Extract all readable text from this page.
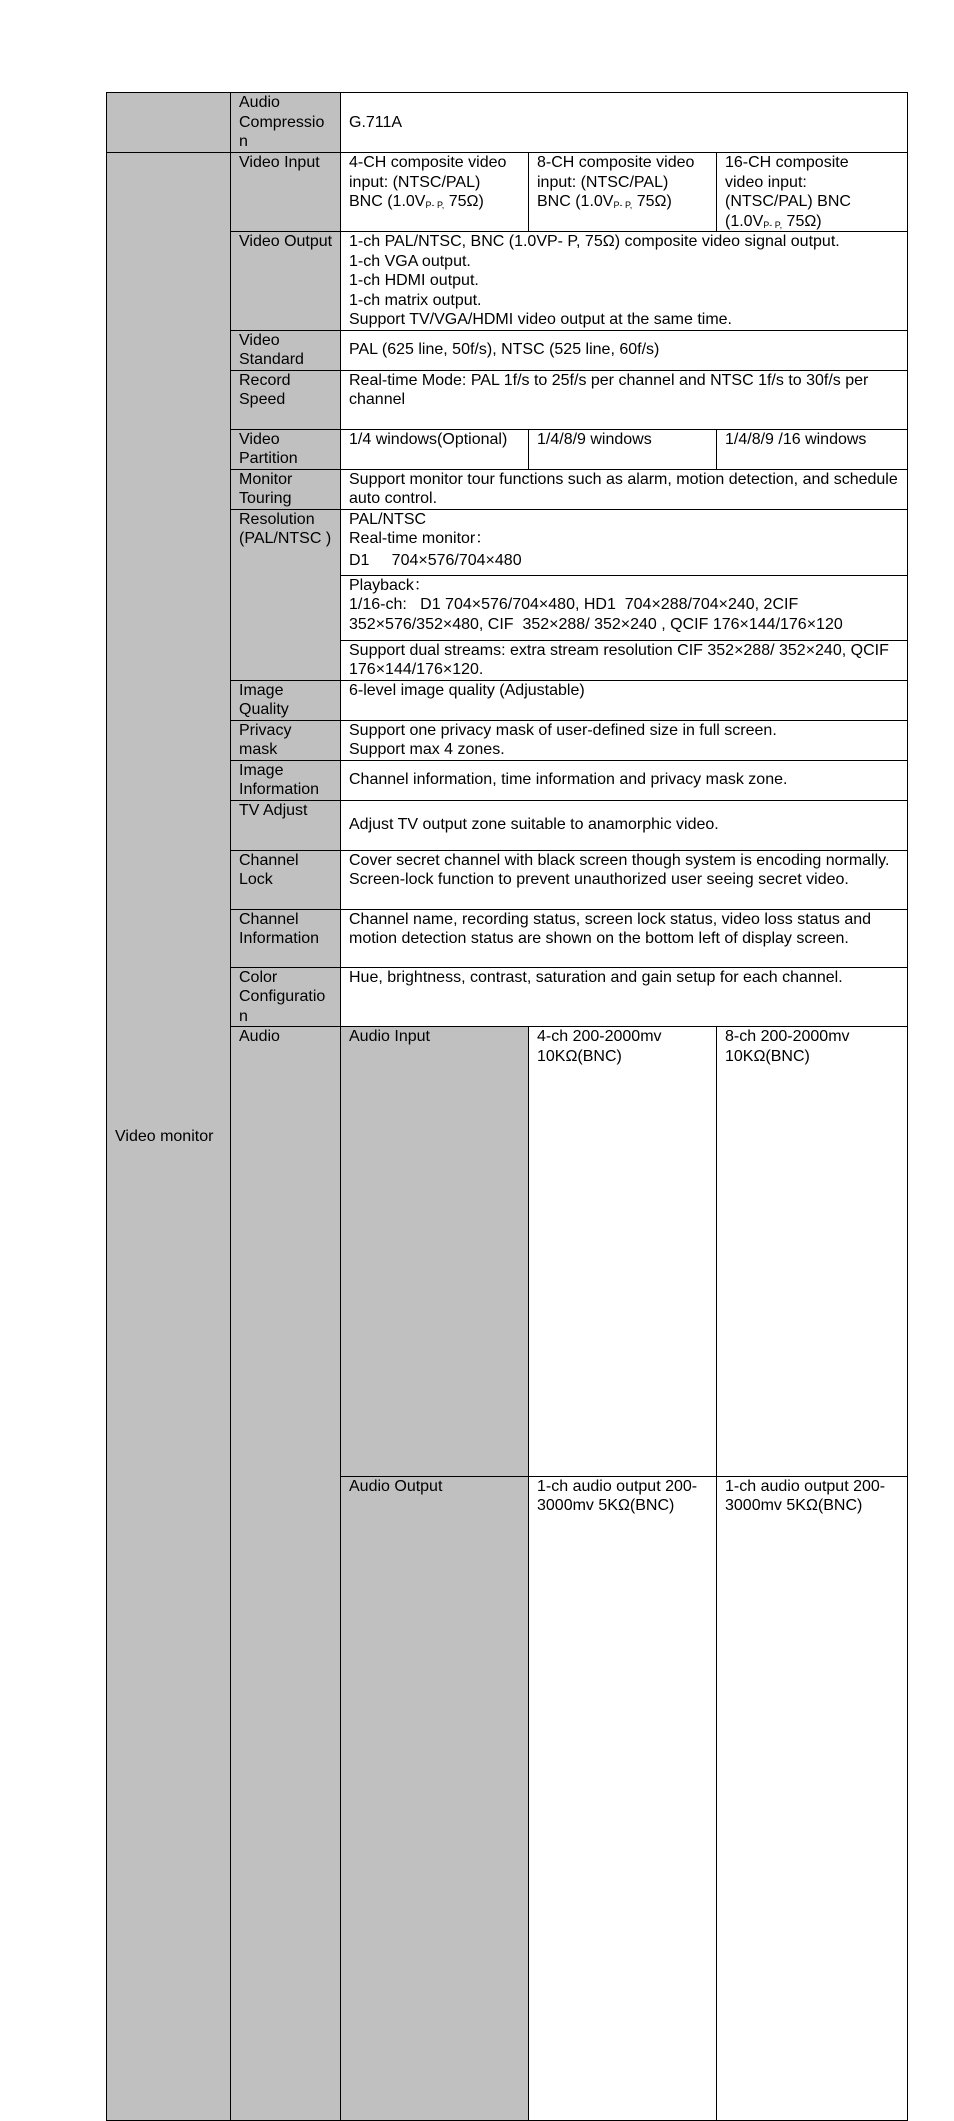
	Audio Compressio n	G.711A			
Video monitor	Video Input	4-CH composite video
input: (NTSC/PAL)
BNC ($1.0V_{P- P,}$ 75Ω)	8-CH composite video
input: (NTSC/PAL)
BNC ($1.0V_{P- P,}$ 75Ω)	16-CH composite
video input:
(NTSC/PAL) BNC
($1.0V_{P- P,}$ 75Ω)	

	Video Output	1-ch PAL/NTSC, BNC (1.0VP- P, 75Ω) composite video signal output.
1-ch VGA output.
1-ch HDMI output.
1-ch matrix output.
Support TV/VGA/HDMI video output at the same time.			

	Video Standard	PAL (625 line, 50f/s), NTSC (525 line, 60f/s)			
	Record Speed	Real-time Mode: PAL 1f/s to 25f/s per channel and NTSC 1f/s to 30f/s per channel			
	Video Partition	1/4 windows(Optional)	1/4/8/9 windows	1/4/8/9 /16 windows	
	Monitor Touring	Support monitor tour functions such as alarm, motion detection, and schedule auto control.			
	Resolution (PAL/NTSC )	PAL/NTSC
Real-time monitor：
D1     704×576/704×480			

		Playback：
1/16-ch:   D1 704×576/704×480, HD1  704×288/704×240, 2CIF 352×576/352×480, CIF  352×288/ 352×240 , QCIF 176×144/176×120			

		Support dual streams: extra stream resolution CIF 352×288/ 352×240, QCIF 176×144/176×120.			
	Image Quality	6-level image quality (Adjustable)			
	Privacy mask	Support one privacy mask of user-defined size in full screen.
Support max 4 zones.			

	Image Information	Channel information, time information and privacy mask zone.			
	TV Adjust	Adjust TV output zone suitable to anamorphic video.			
	Channel Lock	Cover secret channel with black screen though system is encoding normally.
Screen-lock function to prevent unauthorized user seeing secret video.			

	Channel Information	Channel name, recording status, screen lock status, video loss status and motion detection status are shown on the bottom left of display screen.			
	Color Configuratio n	Hue, brightness, contrast, saturation and gain setup for each channel.			
	Audio	Audio Input	4-ch 200-2000mv 10KΩ(BNC)	8-ch 200-2000mv 10KΩ(BNC)	
		Audio Output	1-ch audio output 200-3000mv 5KΩ(BNC)	1-ch audio output 200-3000mv 5KΩ(BNC)	
